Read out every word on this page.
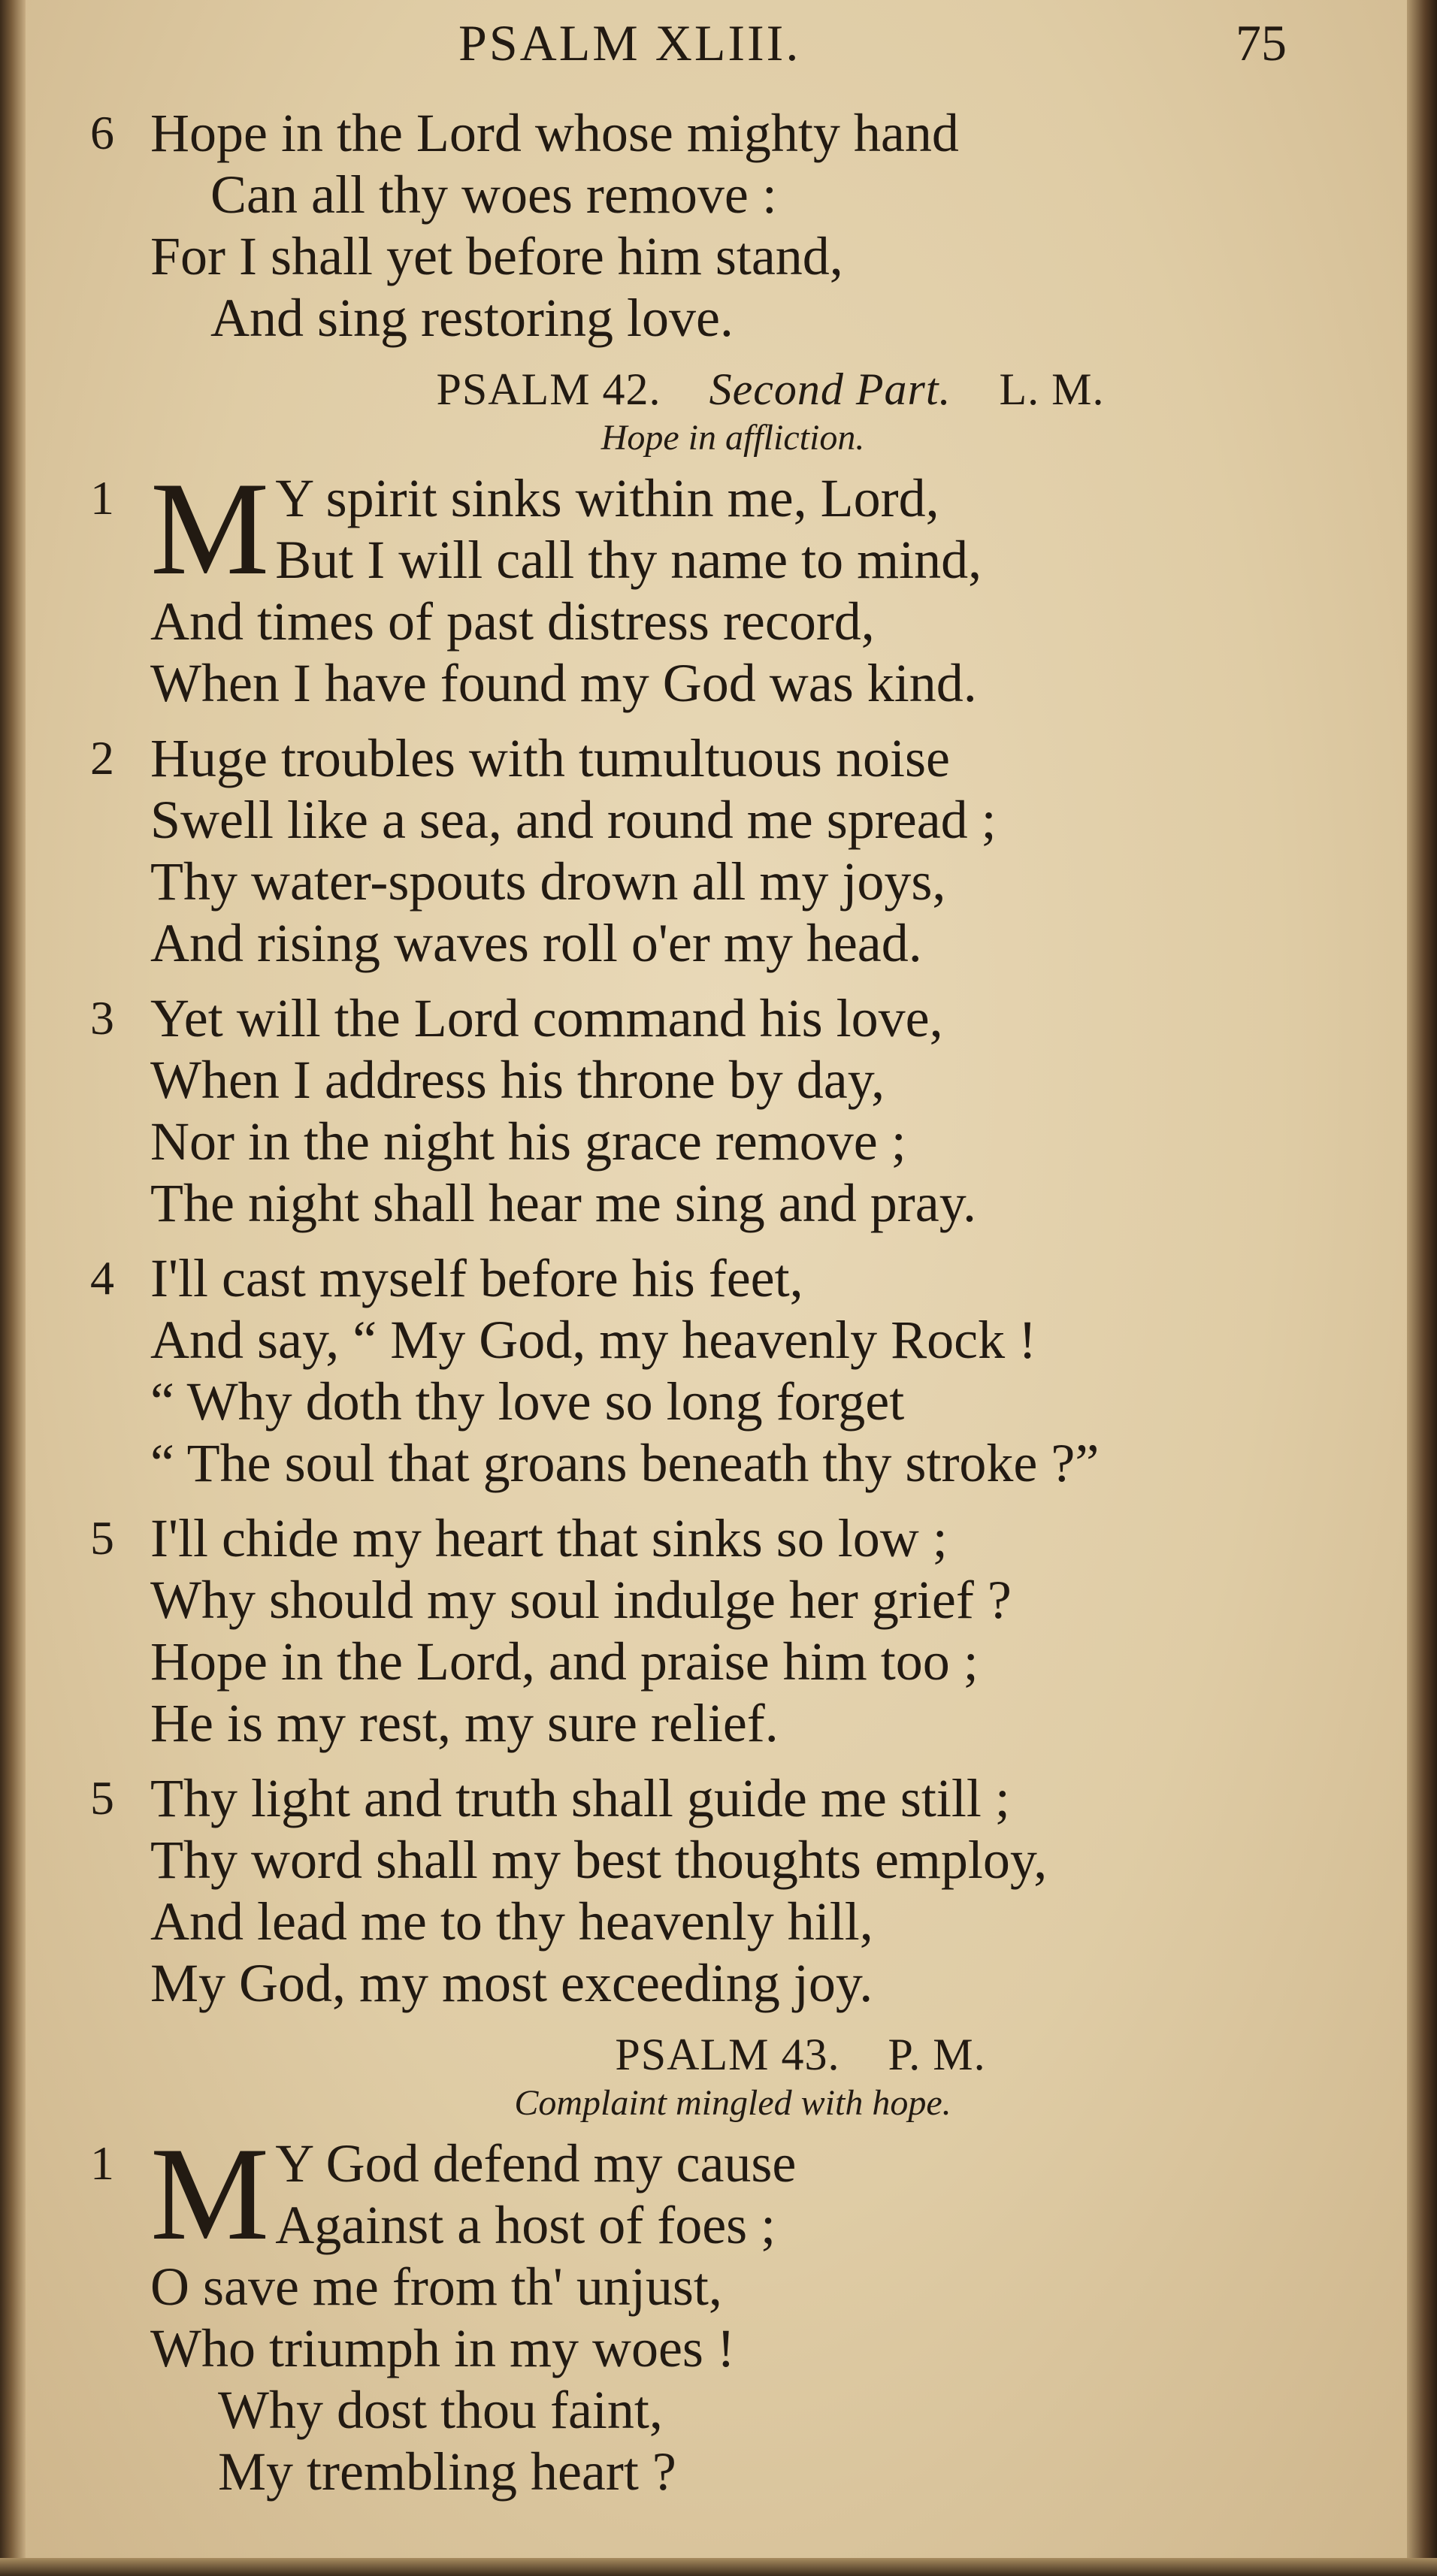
PSALM XLIII.	75
6 Hope in the Lord whose mighty hand
Can all thy woes remove :
For I shall yet before him stand,
And sing restoring love.
PSALM 42. Second Part. L. M.
Hope in affliction.
1 M Y spirit sinks within me, Lord,
But I will call thy name to mind,
And times of past distress record,
When I have found my God was kind.
2 Huge troubles with tumultuous noise
Swell like a sea, and round me spread ;
Thy water-spouts drown all my joys,
And rising waves roll o'er my head.
3 Yet will the Lord command his love,
When I address his throne by day,
Nor in the night his grace remove ;
The night shall hear me sing and pray.
4 I'll cast myself before his feet,
And say, “ My God, my heavenly Rock !
“ Why doth thy love so long forget
“ The soul that groans beneath thy stroke ?”
5 I'll chide my heart that sinks so low ;
Why should my soul indulge her grief ?
Hope in the Lord, and praise him too ;
He is my rest, my sure relief.
5 Thy light and truth shall guide me still ;
Thy word shall my best thoughts employ,
And lead me to thy heavenly hill,
My God, my most exceeding joy.
PSALM 43. P. M.
Complaint mingled with hope.
1 M Y God defend my cause
Against a host of foes ;
O save me from th' unjust,
Who triumph in my woes !
Why dost thou faint,
My trembling heart ?
